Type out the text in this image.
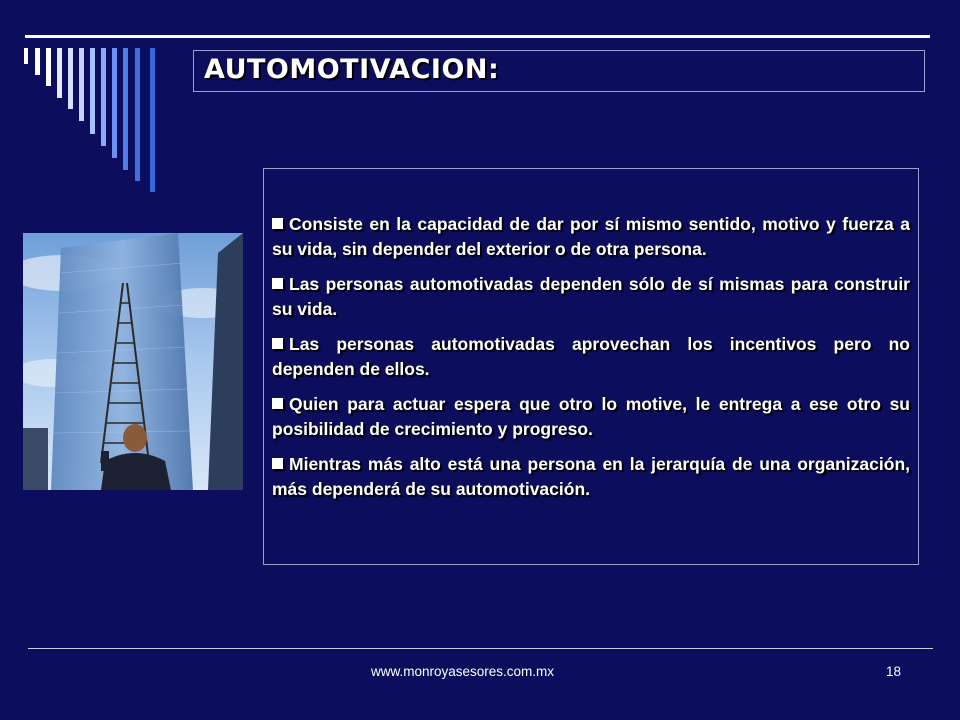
AUTOMOTIVACION:
Consiste en la capacidad de dar por sí mismo sentido, motivo y fuerza a su vida, sin depender del exterior o de otra persona.
Las personas automotivadas dependen sólo de sí mismas para construir su vida.
Las personas automotivadas aprovechan los incentivos pero no dependen de ellos.
Quien para actuar espera que otro lo motive, le entrega a ese otro su posibilidad de crecimiento y progreso.
Mientras más alto está una persona en la jerarquía de una organización, más dependerá de su automotivación.
www.monroyasesores.com.mx	18
